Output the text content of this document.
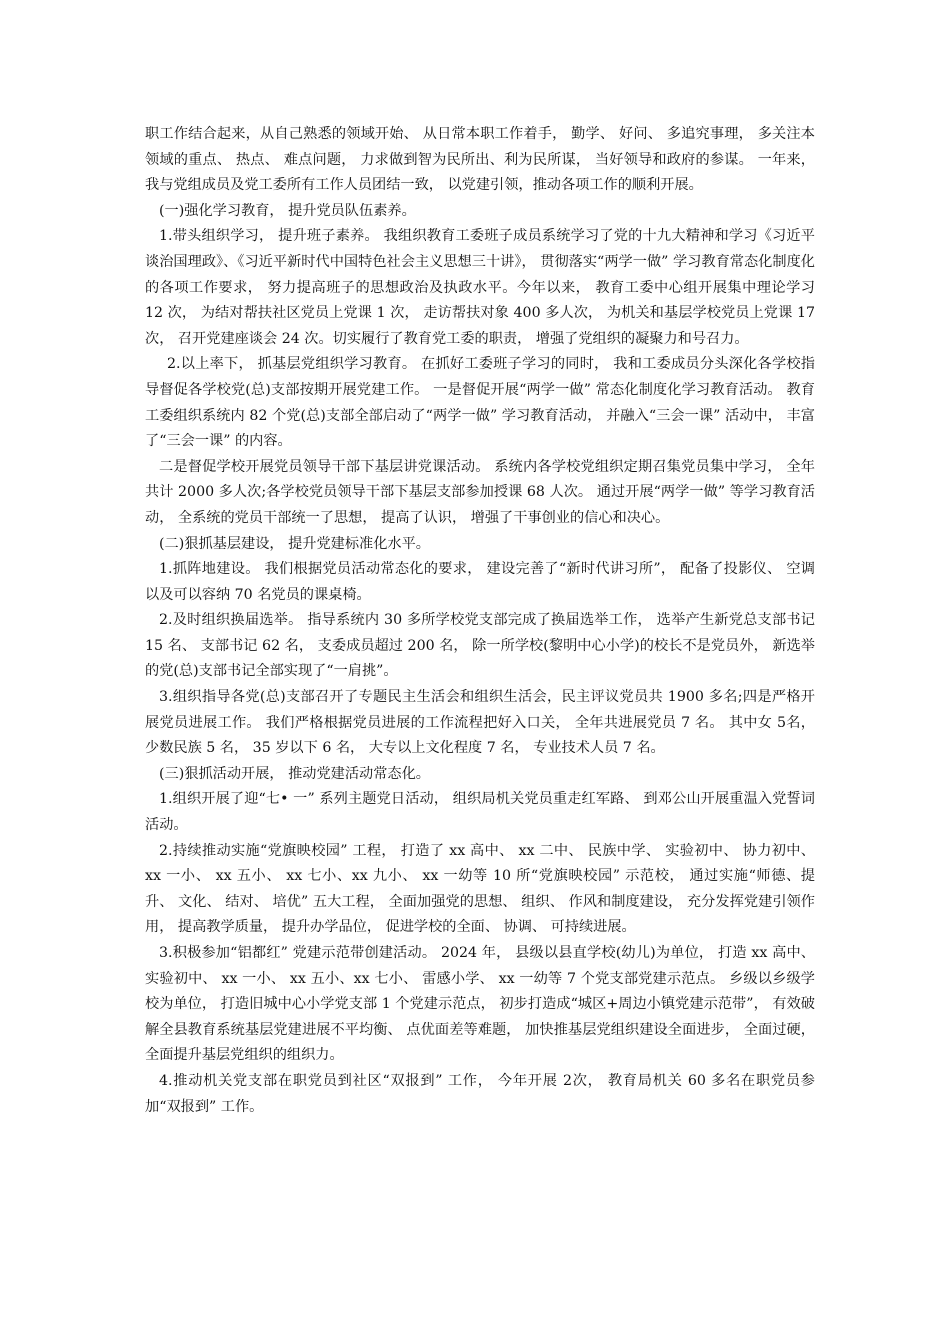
职工作结合起来，从自己熟悉的领域开始、 从日常本职工作着手， 勤学、 好问、 多追究事理， 多关注本领域的重点、 热点、 难点问题， 力求做到智为民所出、利为民所谋， 当好领导和政府的参谋。 一年来， 我与党组成员及党工委所有工作人员团结一致， 以党建引领，推动各项工作的顺利开展。

(一)强化学习教育， 提升党员队伍素养。

1.带头组织学习， 提升班子素养。 我组织教育工委班子成员系统学习了党的十九大精神和学习《习近平谈治国理政》、《习近平新时代中国特色社会主义思想三十讲》， 贯彻落实“两学一做” 学习教育常态化制度化的各项工作要求， 努力提高班子的思想政治及执政水平。今年以来， 教育工委中心组开展集中理论学习 12 次， 为结对帮扶社区党员上党课 1 次， 走访帮扶对象 400 多人次， 为机关和基层学校党员上党课 17 次， 召开党建座谈会 24 次。切实履行了教育党工委的职责， 增强了党组织的凝聚力和号召力。

2.以上率下， 抓基层党组织学习教育。 在抓好工委班子学习的同时， 我和工委成员分头深化各学校指导督促各学校党(总)支部按期开展党建工作。 一是督促开展“两学一做” 常态化制度化学习教育活动。 教育工委组织系统内 82 个党(总)支部全部启动了“两学一做” 学习教育活动， 并融入“三会一课” 活动中， 丰富了“三会一课” 的内容。

二是督促学校开展党员领导干部下基层讲党课活动。 系统内各学校党组织定期召集党员集中学习， 全年共计 2000 多人次;各学校党员领导干部下基层支部参加授课 68 人次。 通过开展“两学一做” 等学习教育活动， 全系统的党员干部统一了思想， 提高了认识， 增强了干事创业的信心和决心。

(二)狠抓基层建设， 提升党建标准化水平。

1.抓阵地建设。 我们根据党员活动常态化的要求， 建设完善了“新时代讲习所”， 配备了投影仪、 空调以及可以容纳 70 名党员的课桌椅。

2.及时组织换届选举。 指导系统内 30 多所学校党支部完成了换届选举工作， 选举产生新党总支部书记 15 名、 支部书记 62 名， 支委成员超过 200 名， 除一所学校(黎明中心小学)的校长不是党员外， 新选举的党(总)支部书记全部实现了“一肩挑”。

3.组织指导各党(总)支部召开了专题民主生活会和组织生活会，民主评议党员共 1900 多名;四是严格开展党员进展工作。 我们严格根据党员进展的工作流程把好入口关， 全年共进展党员 7 名。 其中女 5名， 少数民族 5 名， 35 岁以下 6 名， 大专以上文化程度 7 名， 专业技术人员 7 名。

(三)狠抓活动开展， 推动党建活动常态化。

1.组织开展了迎“七• 一” 系列主题党日活动， 组织局机关党员重走红军路、 到邓公山开展重温入党誓词活动。

2.持续推动实施“党旗映校园” 工程， 打造了 xx 高中、 xx 二中、 民族中学、 实验初中、 协力初中、 xx 一小、 xx 五小、 xx 七小、xx 九小、 xx 一幼等 10 所“党旗映校园” 示范校， 通过实施“师德、提升、 文化、 结对、 培优” 五大工程， 全面加强党的思想、 组织、 作风和制度建设， 充分发挥党建引领作用， 提高教学质量， 提升办学品位， 促进学校的全面、 协调、 可持续进展。

3.积极参加“铝都红” 党建示范带创建活动。 2024 年， 县级以县直学校(幼儿)为单位， 打造 xx 高中、 实验初中、 xx 一小、 xx 五小、xx 七小、 雷感小学、 xx 一幼等 7 个党支部党建示范点。 乡级以乡级学校为单位， 打造旧城中心小学党支部 1 个党建示范点， 初步打造成“城区+周边小镇党建示范带”， 有效破解全县教育系统基层党建进展不平均衡、 点优面差等难题， 加快推基层党组织建设全面进步， 全面过硬， 全面提升基层党组织的组织力。

4.推动机关党支部在职党员到社区“双报到” 工作， 今年开展 2次， 教育局机关 60 多名在职党员参加“双报到” 工作。
